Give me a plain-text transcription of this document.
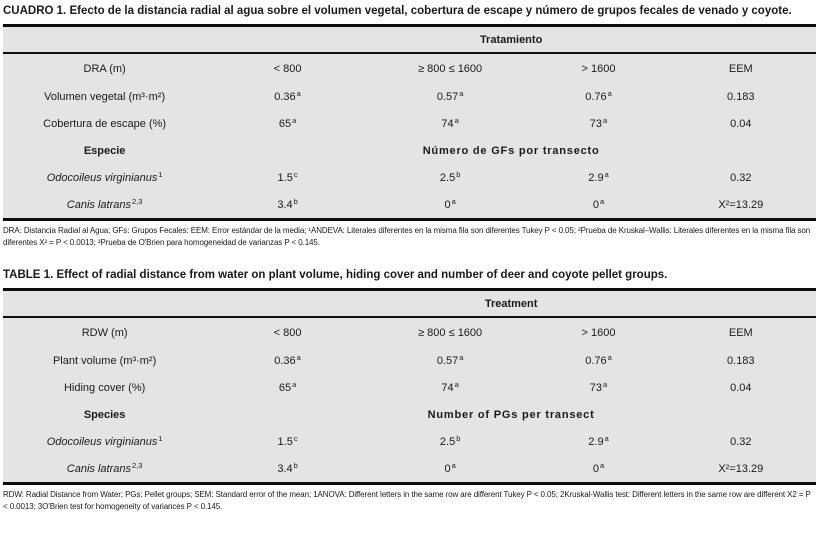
CUADRO 1. Efecto de la distancia radial al agua sobre el volumen vegetal, cobertura de escape y número de grupos fecales de venado y coyote.
	Tratamiento			
DRA (m)	< 800	≥ 800 ≤ 1600	> 1600	EEM
Volumen vegetal (m³·m²)	0.36$^a$	0.57$^a$	0.76$^a$	0.183
Cobertura de escape (%)	65$^a$	74$^a$	73$^a$	0.04
Especie	Número de GFs por transecto			
Odocoileus virginianus$^1$	1.5$^c$	2.5$^b$	2.9$^a$	0.32
Canis latrans$^{2,3}$	3.4$^b$	0$^a$	0$^a$	X²=13.29
DRA: Distancia Radial al Agua; GFs: Grupos Fecales: EEM: Error estándar de la media; ¹ANDEVA: Literales diferentes en la misma fila son diferentes Tukey P < 0.05; ²Prueba de Kruskal–Wallis: Literales diferentes en la misma fila son diferentes X² = P < 0.0013; ³Prueba de O'Brien para homogeneidad de varianzas P < 0.145.
TABLE 1. Effect of radial distance from water on plant volume, hiding cover and number of deer and coyote pellet groups.
	Treatment			
RDW (m)	< 800	≥ 800 ≤ 1600	> 1600	EEM
Plant volume (m³·m²)	0.36$^a$	0.57$^a$	0.76$^a$	0.183
Hiding cover (%)	65$^a$	74$^a$	73$^a$	0.04
Species	Number of PGs per transect			
Odocoileus virginianus$^1$	1.5$^c$	2.5$^b$	2.9$^a$	0.32
Canis latrans$^{2,3}$	3.4$^b$	0$^a$	0$^a$	X²=13.29
RDW: Radial Distance from Water; PGs; Pellet groups; SEM: Standard error of the mean; 1ANOVA: Different letters in the same row are different Tukey P < 0.05; 2Kruskal-Wallis test: Different letters in the same row are different X2 = P < 0.0013; 3O'Brien test for homogeneity of variances P < 0.145.
